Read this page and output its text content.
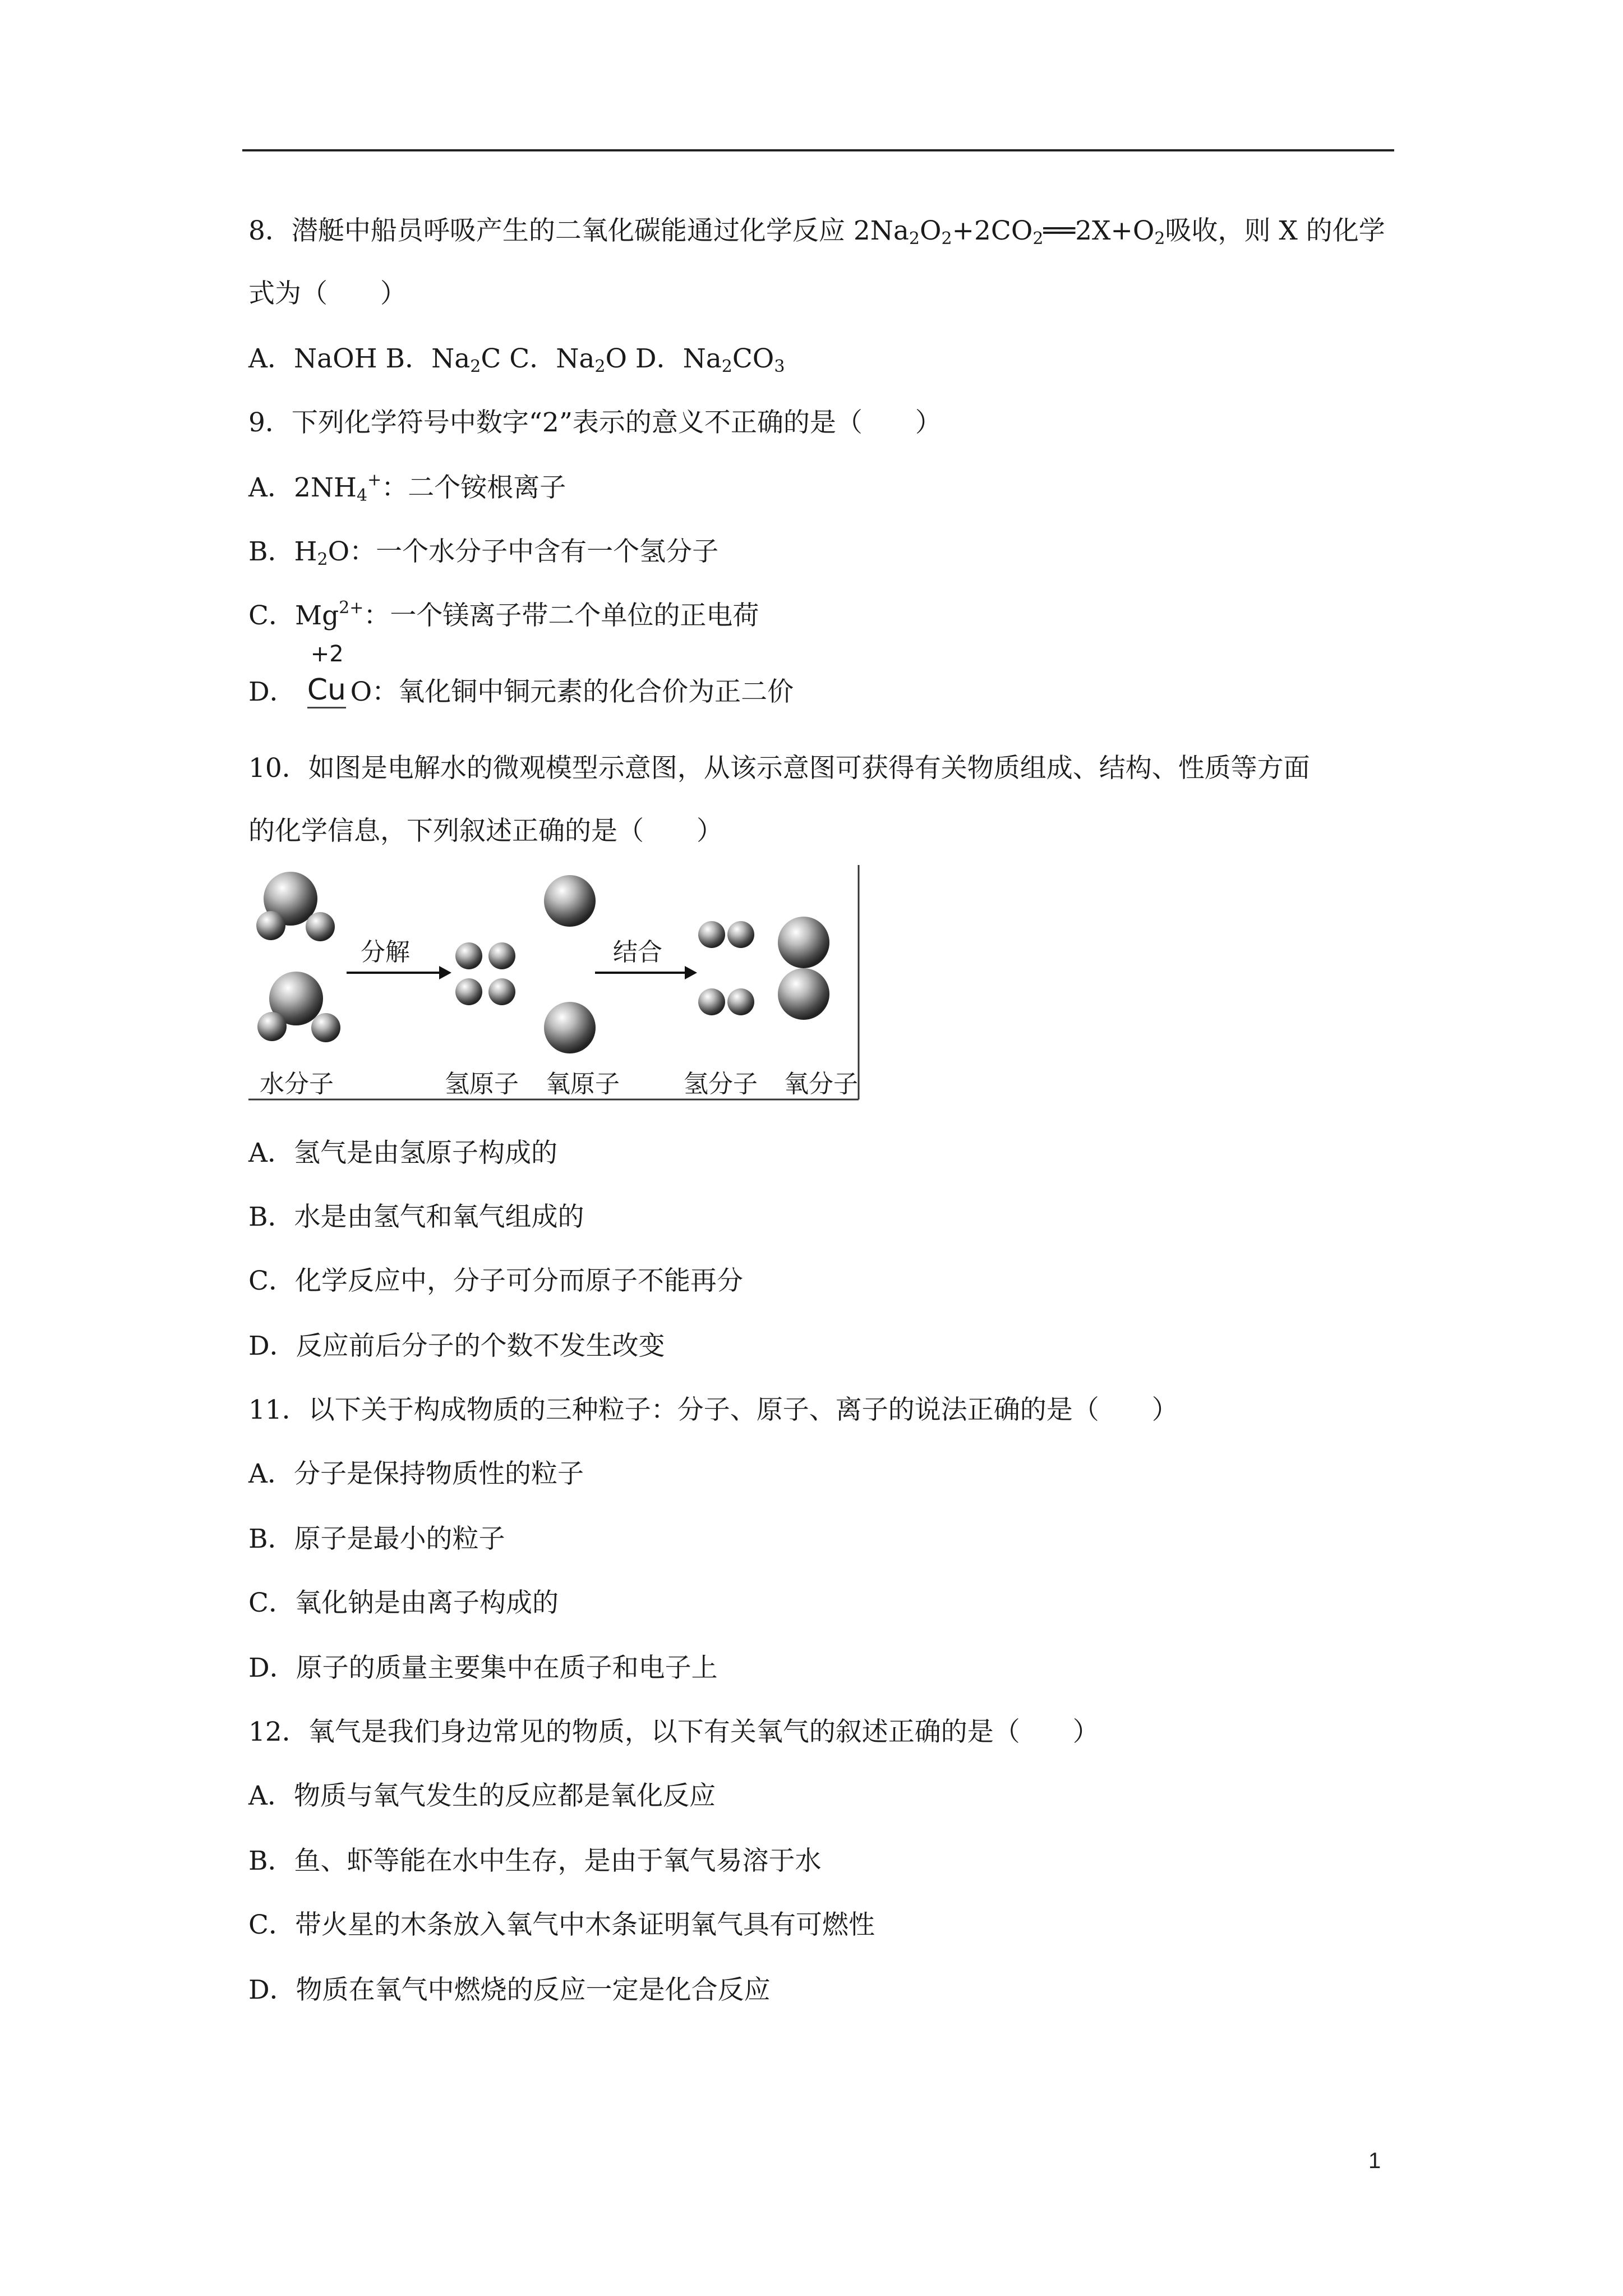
8．潜艇中船员呼吸产生的二氧化碳能通过化学反应 $2Na_2O_2+2CO_2══2X+O_2$吸收，则 X 的化学
式为（　　）
A．NaOH B．$Na_2C$ C．$Na_2O$ D．$Na_2CO_3$
9．下列化学符号中数字“2”表示的意义不正确的是（　　）
A．$2NH_4^+$：二个铵根离子
B．$H_2O$：一个水分子中含有一个氢分子
C．$Mg^{2+}$：一个镁离子带二个单位的正电荷
D．
+2
Cu
O：氧化铜中铜元素的化合价为正二价
10．如图是电解水的微观模型示意图，从该示意图可获得有关物质组成、结构、性质等方面
的化学信息，下列叙述正确的是（　　）
分解	结合
水分子	氢原子 氧原子	氢分子 氧分子
A．氢气是由氢原子构成的
B．水是由氢气和氧气组成的
C．化学反应中，分子可分而原子不能再分
D．反应前后分子的个数不发生改变
11．以下关于构成物质的三种粒子：分子、原子、离子的说法正确的是（　　）
A．分子是保持物质性的粒子
B．原子是最小的粒子
C．氧化钠是由离子构成的
D．原子的质量主要集中在质子和电子上
12．氧气是我们身边常见的物质，以下有关氧气的叙述正确的是（　　）
A．物质与氧气发生的反应都是氧化反应
B．鱼、虾等能在水中生存，是由于氧气易溶于水
C．带火星的木条放入氧气中木条证明氧气具有可燃性
D．物质在氧气中燃烧的反应一定是化合反应
1
